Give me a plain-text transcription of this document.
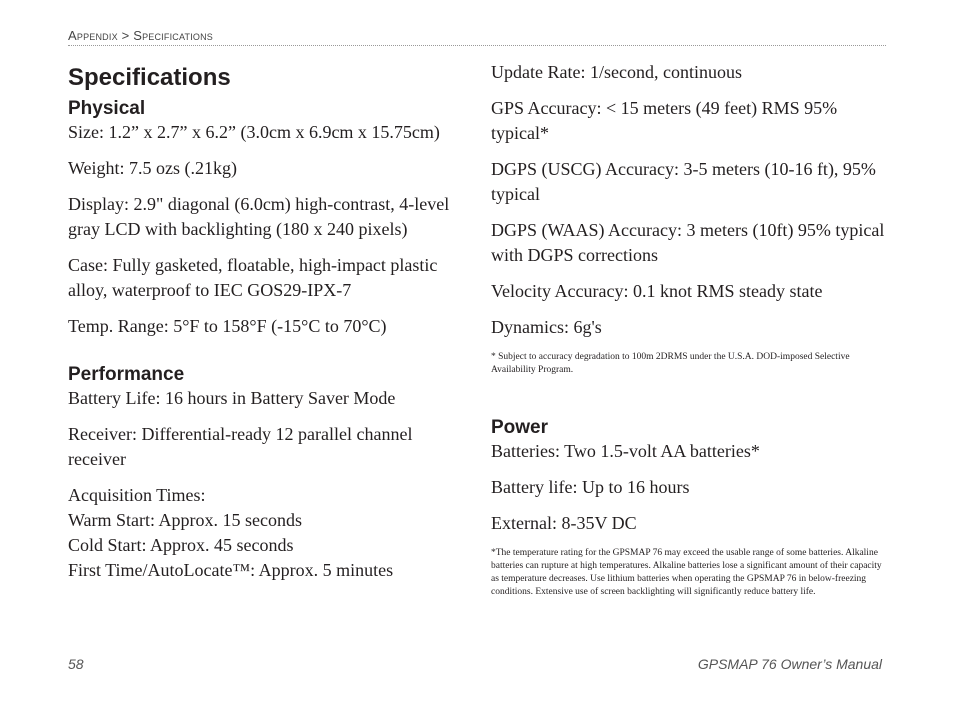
Appendix > Specifications
Specifications
Physical

Size: 1.2” x 2.7” x 6.2” (3.0cm x 6.9cm x 15.75cm)

Weight: 7.5 ozs (.21kg)

Display: 2.9" diagonal (6.0cm) high-contrast, 4-level gray LCD with backlighting (180 x 240 pixels)

Case: Fully gasketed, floatable, high-impact plastic alloy, waterproof to IEC GOS29-IPX-7

Temp. Range: 5°F to 158°F (-15°C to 70°C)

Performance

Battery Life: 16 hours in Battery Saver Mode

Receiver: Differential-ready 12 parallel channel receiver

Acquisition Times:
Warm Start: Approx. 15 seconds
Cold Start: Approx. 45 seconds
First Time/AutoLocate™: Approx. 5 minutes

Update Rate: 1/second, continuous

GPS Accuracy: < 15 meters (49 feet) RMS 95% typical*

DGPS (USCG) Accuracy: 3-5 meters (10-16 ft), 95% typical

DGPS (WAAS) Accuracy: 3 meters (10ft) 95% typical with DGPS corrections

Velocity Accuracy: 0.1 knot RMS steady state

Dynamics: 6g's

* Subject to accuracy degradation to 100m 2DRMS under the U.S.A. DOD-imposed Selective Availability Program.

Power

Batteries: Two 1.5-volt AA batteries*

Battery life: Up to 16 hours

External: 8-35V DC

*The temperature rating for the GPSMAP 76 may exceed the usable range of some batteries. Alkaline batteries can rupture at high temperatures. Alkaline batteries lose a significant amount of their capacity as temperature decreases. Use lithium batteries when operating the GPSMAP 76 in below-freezing conditions. Extensive use of screen backlighting will significantly reduce battery life.

58	GPSMAP 76 Owner’s Manual
